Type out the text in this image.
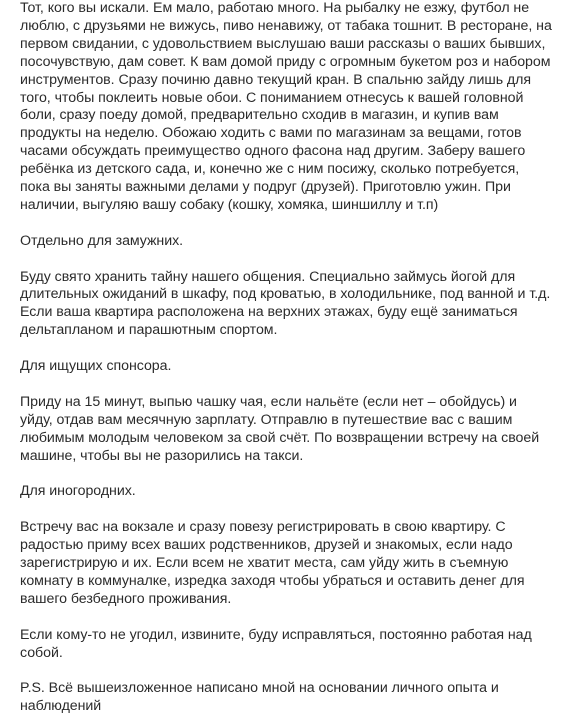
Тот, кого вы искали. Ем мало, работаю много. На рыбалку не езжу, футбол не люблю, с друзьями не вижусь, пиво ненавижу, от табака тошнит. В ресторане, на первом свидании, с удовольствием выслушаю ваши рассказы о ваших бывших, посочувствую, дам совет. К вам домой приду с огромным букетом роз и набором инструментов. Сразу починю давно текущий кран. В спальню зайду лишь для того, чтобы поклеить новые обои. С пониманием отнесусь к вашей головной боли, сразу поеду домой, предварительно сходив в магазин, и купив вам продукты на неделю. Обожаю ходить с вами по магазинам за вещами, готов часами обсуждать преимущество одного фасона над другим. Заберу вашего ребёнка из детского сада, и, конечно же с ним посижу, сколько потребуется, пока вы заняты важными делами у подруг (друзей). Приготовлю ужин. При наличии, выгуляю вашу собаку (кошку, хомяка, шиншиллу и т.п)

Отдельно для замужних.

Буду свято хранить тайну нашего общения. Специально займусь йогой для длительных ожиданий в шкафу, под кроватью, в холодильнике, под ванной и т.д. Если ваша квартира расположена на верхних этажах, буду ещё заниматься дельтапланом и парашютным спортом.

Для ищущих спонсора.

Приду на 15 минут, выпью чашку чая, если нальёте (если нет – обойдусь) и уйду, отдав вам месячную зарплату. Отправлю в путешествие вас с вашим любимым молодым человеком за свой счёт. По возвращении встречу на своей машине, чтобы вы не разорились на такси.

Для иногородних.

Встречу вас на вокзале и сразу повезу регистрировать в свою квартиру. С радостью приму всех ваших родственников, друзей и знакомых, если надо зарегистрирую и их. Если всем не хватит места, сам уйду жить в съемную комнату в коммуналке, изредка заходя чтобы убраться и оставить денег для вашего безбедного проживания.

Если кому-то не угодил, извините, буду исправляться, постоянно работая над собой.

P.S. Всё вышеизложенное написано мной на основании личного опыта и наблюдений
